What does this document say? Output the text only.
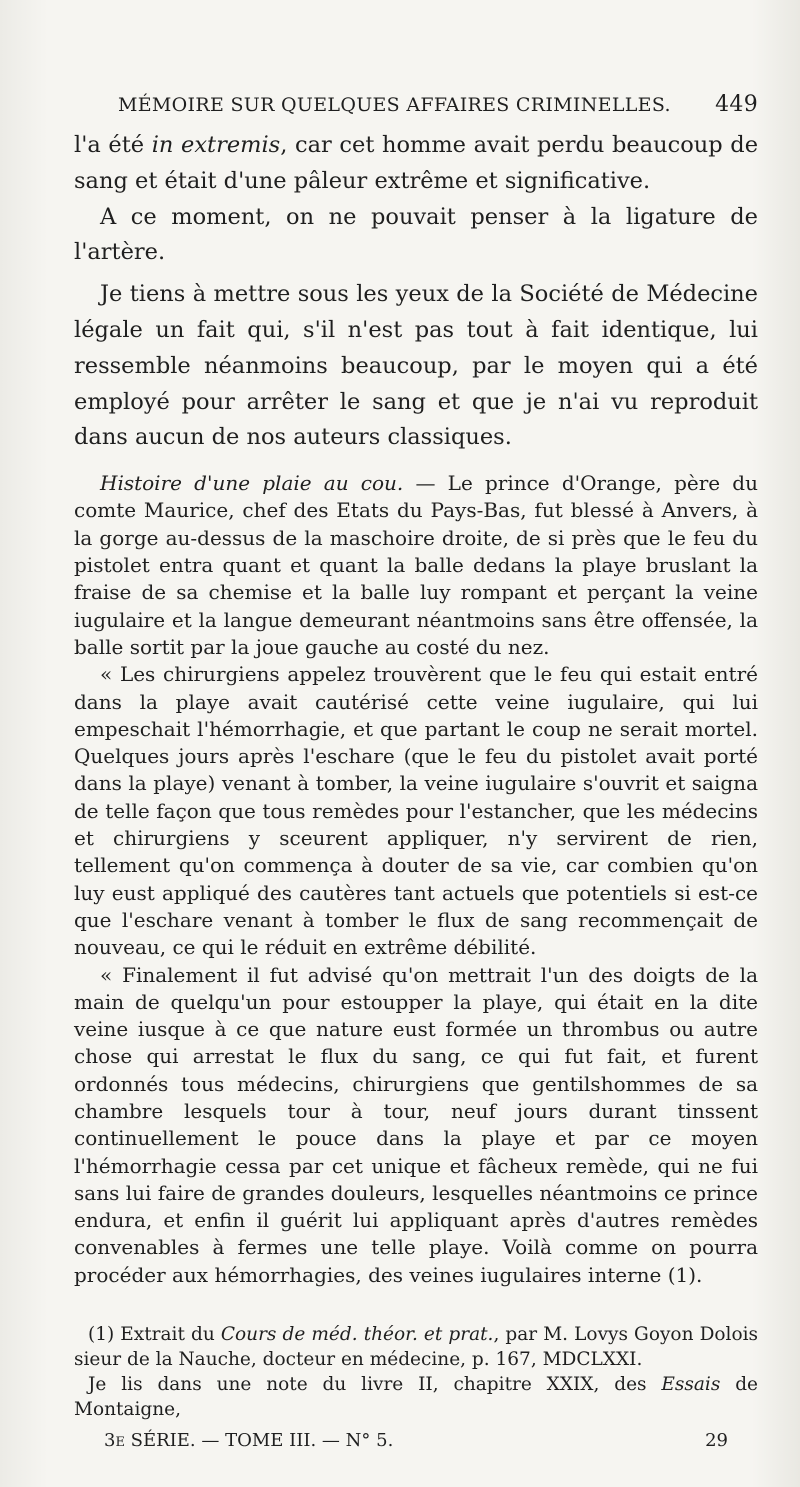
MÉMOIRE SUR QUELQUES AFFAIRES CRIMINELLES. 449

l'a été in extremis, car cet homme avait perdu beaucoup de sang et était d'une pâleur extrême et significative.

A ce moment, on ne pouvait penser à la ligature de l'artère.

Je tiens à mettre sous les yeux de la Société de Médecine légale un fait qui, s'il n'est pas tout à fait identique, lui ressemble néanmoins beaucoup, par le moyen qui a été employé pour arrêter le sang et que je n'ai vu reproduit dans aucun de nos auteurs classiques.

Histoire d'une plaie au cou. — Le prince d'Orange, père du comte Maurice, chef des Etats du Pays-Bas, fut blessé à Anvers, à la gorge au-dessus de la maschoire droite, de si près que le feu du pistolet entra quant et quant la balle dedans la playe bruslant la fraise de sa chemise et la balle luy rompant et perçant la veine iugulaire et la langue demeurant néantmoins sans être offensée, la balle sortit par la joue gauche au costé du nez.

« Les chirurgiens appelez trouvèrent que le feu qui estait entré dans la playe avait cautérisé cette veine iugulaire, qui lui empeschait l'hémorrhagie, et que partant le coup ne serait mortel. Quelques jours après l'eschare (que le feu du pistolet avait porté dans la playe) venant à tomber, la veine iugulaire s'ouvrit et saigna de telle façon que tous remèdes pour l'estancher, que les médecins et chirurgiens y sceurent appliquer, n'y servirent de rien, tellement qu'on commença à douter de sa vie, car combien qu'on luy eust appliqué des cautères tant actuels que potentiels si est-ce que l'eschare venant à tomber le flux de sang recommençait de nouveau, ce qui le réduit en extrême débilité.

« Finalement il fut advisé qu'on mettrait l'un des doigts de la main de quelqu'un pour estoupper la playe, qui était en la dite veine iusque à ce que nature eust formée un thrombus ou autre chose qui arrestat le flux du sang, ce qui fut fait, et furent ordonnés tous médecins, chirurgiens que gentilshommes de sa chambre lesquels tour à tour, neuf jours durant tinssent continuellement le pouce dans la playe et par ce moyen l'hémorrhagie cessa par cet unique et fâcheux remède, qui ne fui sans lui faire de grandes douleurs, lesquelles néantmoins ce prince endura, et enfin il guérit lui appliquant après d'autres remèdes convenables à fermes une telle playe. Voilà comme on pourra procéder aux hémorrhagies, des veines iugulaires interne (1).

(1) Extrait du Cours de méd. théor. et prat., par M. Lovys Goyon Dolois sieur de la Nauche, docteur en médecine, p. 167, MDCLXXI.

Je lis dans une note du livre II, chapitre XXIX, des Essais de Montaigne,

3e SÉRIE. — TOME III. — N° 5.	29
